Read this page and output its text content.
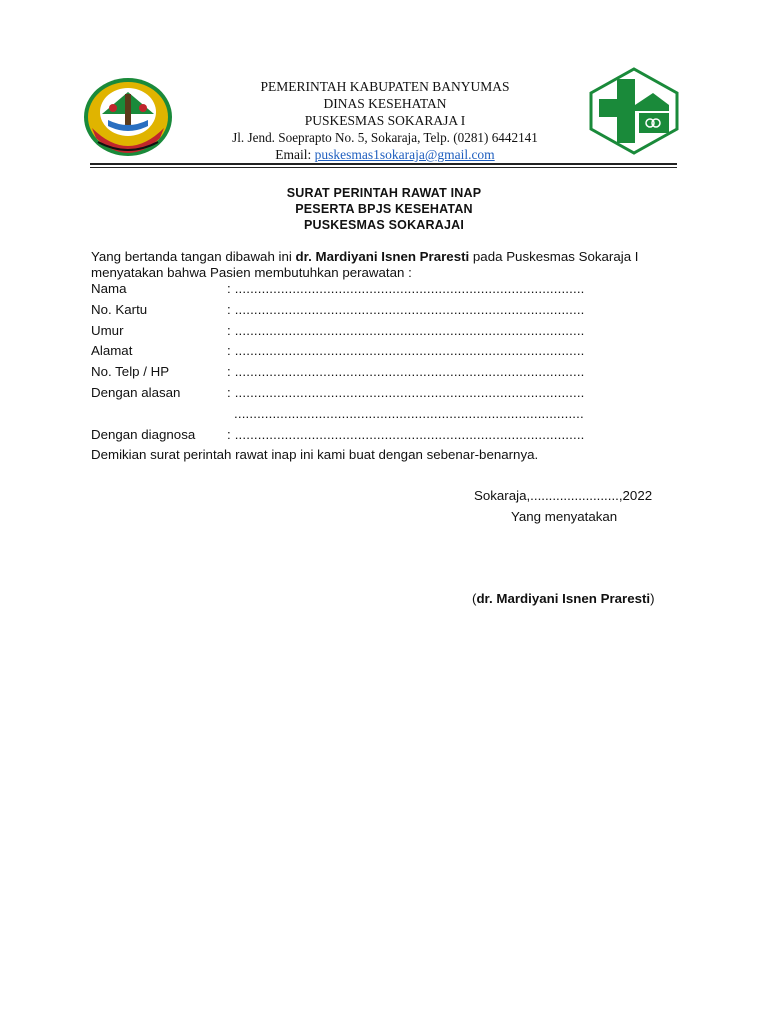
PEMERINTAH KABUPATEN BANYUMAS
DINAS KESEHATAN
PUSKESMAS SOKARAJA I
Jl. Jend. Soeprapto No. 5, Sokaraja, Telp. (0281) 6442141
Email: puskesmas1sokaraja@gmail.com
SURAT PERINTAH RAWAT INAP
PESERTA BPJS KESEHATAN
PUSKESMAS SOKARAJAI
Yang bertanda tangan dibawah ini dr. Mardiyani Isnen Praresti pada Puskesmas Sokaraja I
menyatakan bahwa Pasien membutuhkan perawatan :
Nama	: ...........................................................................................
No. Kartu	: ...........................................................................................
Umur	: ...........................................................................................
Alamat	: ...........................................................................................
No. Telp / HP	: ...........................................................................................
Dengan alasan	: ...........................................................................................
...........................................................................................
Dengan diagnosa : ...........................................................................................
Demikian surat perintah rawat inap ini kami buat dengan sebenar-benarnya.
Sokaraja,........................,2022
Yang menyatakan
(dr. Mardiyani Isnen Praresti)
